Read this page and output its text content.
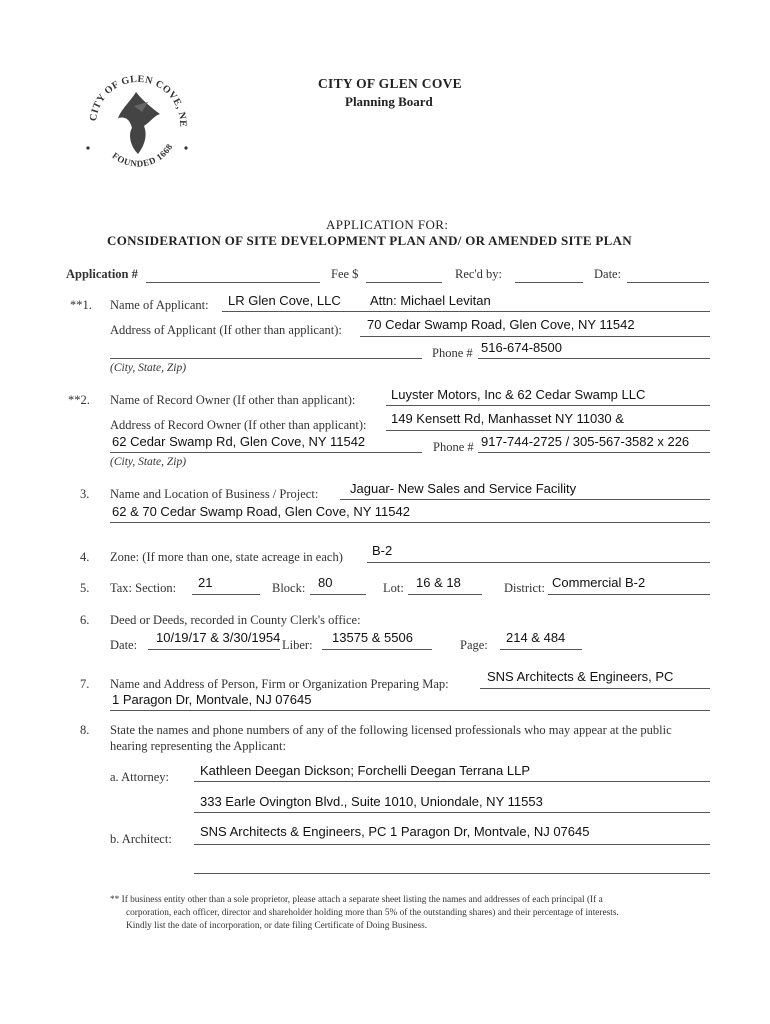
CITY OF GLEN COVE, NE
FOUNDED 1668
CITY OF GLEN COVE
Planning Board
APPLICATION FOR:
CONSIDERATION OF SITE DEVELOPMENT PLAN AND/ OR AMENDED SITE PLAN
Application #	Fee $	Rec'd by:	Date:
**1. Name of Applicant: LR Glen Cove, LLC Attn: Michael Levitan
Address of Applicant (If other than applicant): 70 Cedar Swamp Road, Glen Cove, NY 11542
Phone # 516-674-8500
(City, State, Zip)
**2. Name of Record Owner (If other than applicant):	Luyster Motors, Inc & 62 Cedar Swamp LLC
Address of Record Owner (If other than applicant): 149 Kensett Rd, Manhasset NY 11030 &
62 Cedar Swamp Rd, Glen Cove, NY 11542	Phone # 917-744-2725 / 305-567-3582 x 226
(City, State, Zip)
3. Name and Location of Business / Project: Jaguar- New Sales and Service Facility
62 & 70 Cedar Swamp Road, Glen Cove, NY 11542
4. Zone: (If more than one, state acreage in each) B-2
5. Tax: Section: 21	Block: 80	Lot: 16 & 18	District: Commercial B-2
6. Deed or Deeds, recorded in County Clerk's office:
Date: 10/19/17 & 3/30/1954 Liber: 13575 & 5506	Page: 214 & 484
7. Name and Address of Person, Firm or Organization Preparing Map:	SNS Architects & Engineers, PC
1 Paragon Dr, Montvale, NJ 07645
8. State the names and phone numbers of any of the following licensed professionals who may appear at the public
hearing representing the Applicant:
a. Attorney: Kathleen Deegan Dickson; Forchelli Deegan Terrana LLP
333 Earle Ovington Blvd., Suite 1010, Uniondale, NY 11553
b. Architect: SNS Architects & Engineers, PC 1 Paragon Dr, Montvale, NJ 07645
** If business entity other than a sole proprietor, please attach a separate sheet listing the names and addresses of each principal (If a
corporation, each officer, director and shareholder holding more than 5% of the outstanding shares) and their percentage of interests.
Kindly list the date of incorporation, or date filing Certificate of Doing Business.
